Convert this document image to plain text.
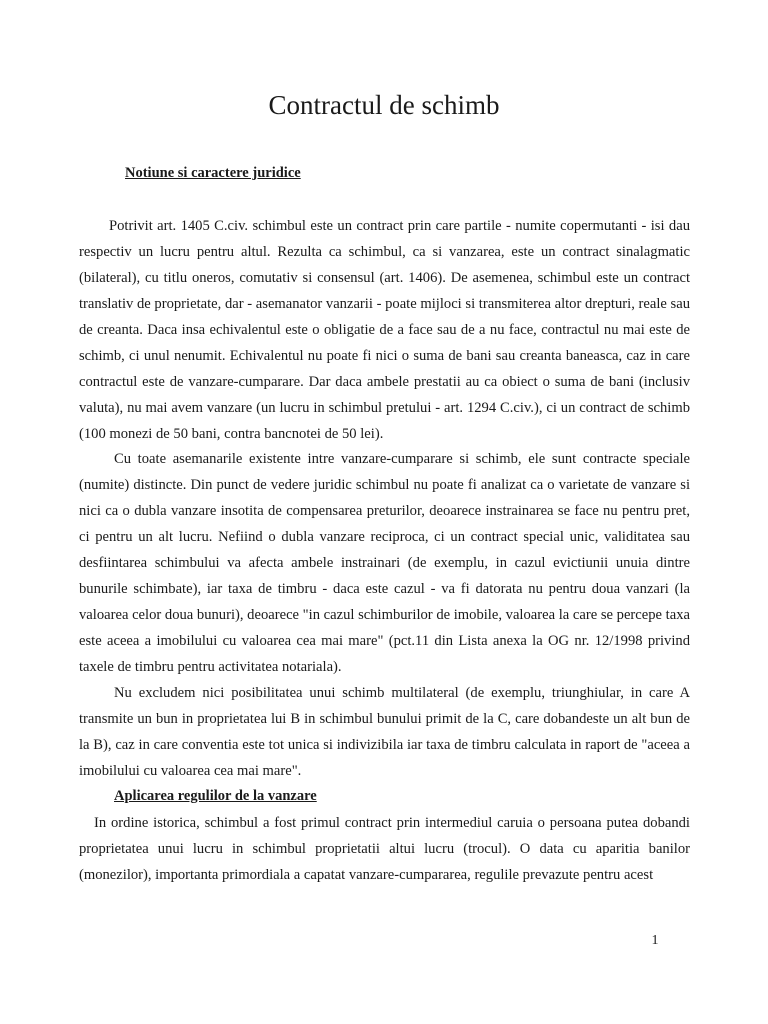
Contractul de schimb
Notiune si caractere juridice

Potrivit art. 1405 C.civ. schimbul este un contract prin care partile - numite copermutanti - isi dau respectiv un lucru pentru altul. Rezulta ca schimbul, ca si vanzarea, este un contract sinalagmatic (bilateral), cu titlu oneros, comutativ si consensul (art. 1406). De asemenea, schimbul este un contract translativ de proprietate, dar - asemanator vanzarii - poate mijloci si transmiterea altor drepturi, reale sau de creanta. Daca insa echivalentul este o obligatie de a face sau de a nu face, contractul nu mai este de schimb, ci unul nenumit. Echivalentul nu poate fi nici o suma de bani sau creanta baneasca, caz in care contractul este de vanzare-cumparare. Dar daca ambele prestatii au ca obiect o suma de bani (inclusiv valuta), nu mai avem vanzare (un lucru in schimbul pretului - art. 1294 C.civ.), ci un contract de schimb (100 monezi de 50 bani, contra bancnotei de 50 lei).

Cu toate asemanarile existente intre vanzare-cumparare si schimb, ele sunt contracte speciale (numite) distincte. Din punct de vedere juridic schimbul nu poate fi analizat ca o varietate de vanzare si nici ca o dubla vanzare insotita de compensarea preturilor, deoarece instrainarea se face nu pentru pret, ci pentru un alt lucru. Nefiind o dubla vanzare reciproca, ci un contract special unic, validitatea sau desfiintarea schimbului va afecta ambele instrainari (de exemplu, in cazul evictiunii unuia dintre bunurile schimbate), iar taxa de timbru - daca este cazul - va fi datorata nu pentru doua vanzari (la valoarea celor doua bunuri), deoarece "in cazul schimburilor de imobile, valoarea la care se percepe taxa este aceea a imobilului cu valoarea cea mai mare" (pct.11 din Lista anexa la OG nr. 12/1998 privind taxele de timbru pentru activitatea notariala).

Nu excludem nici posibilitatea unui schimb multilateral (de exemplu, triunghiular, in care A transmite un bun in proprietatea lui B in schimbul bunului primit de la C, care dobandeste un alt bun de la B), caz in care conventia este tot unica si indivizibila iar taxa de timbru calculata in raport de "aceea a imobilului cu valoarea cea mai mare".

Aplicarea regulilor de la vanzare

In ordine istorica, schimbul a fost primul contract prin intermediul caruia o persoana putea dobandi proprietatea unui lucru in schimbul proprietatii altui lucru (trocul). O data cu aparitia banilor (monezilor), importanta primordiala a capatat vanzare-cumpararea, regulile prevazute pentru acest

1
